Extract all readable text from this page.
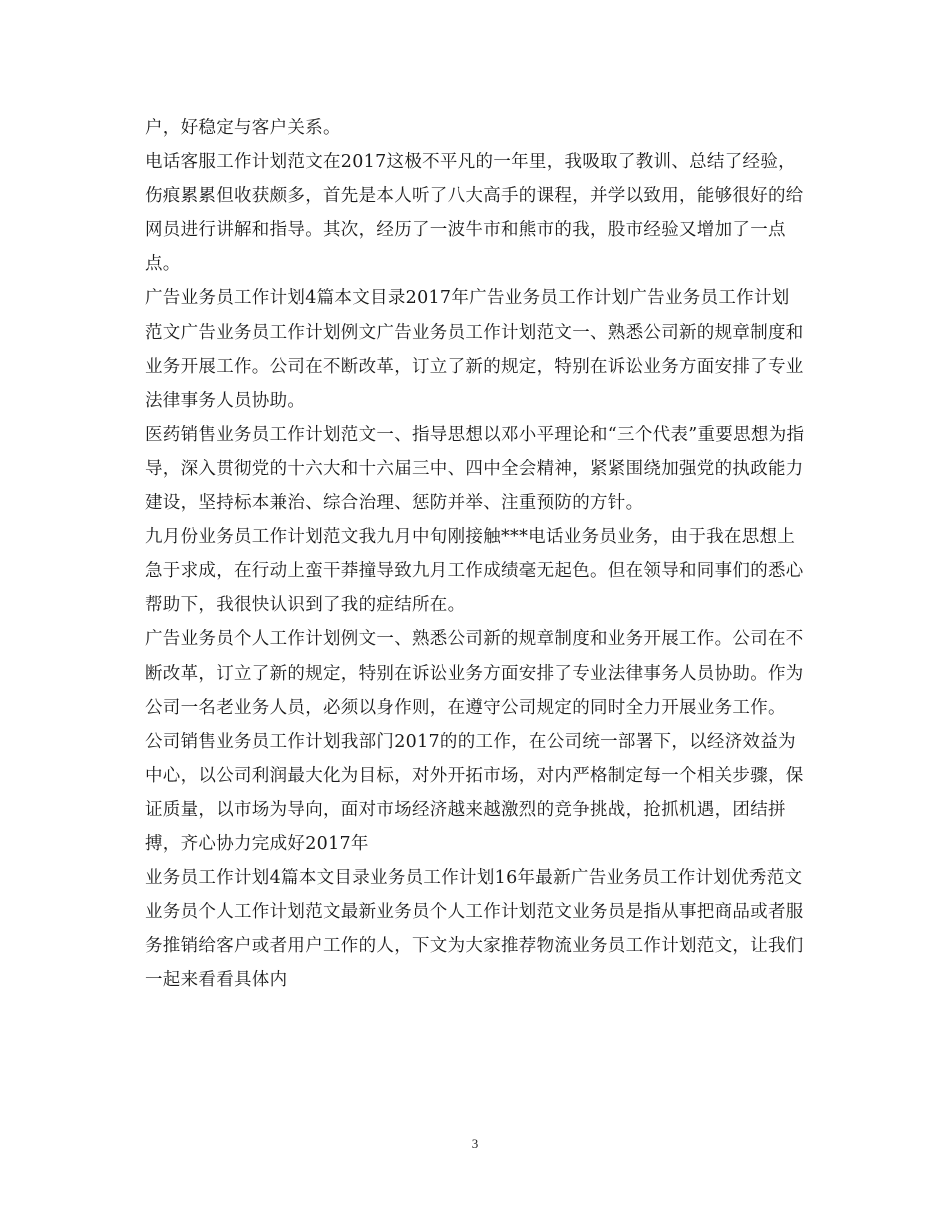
户，好稳定与客户关系。

电话客服工作计划范文在2017这极不平凡的一年里，我吸取了教训、总结了经验，伤痕累累但收获颇多，首先是本人听了八大高手的课程，并学以致用，能够很好的给网员进行讲解和指导。其次，经历了一波牛市和熊市的我，股市经验又增加了一点点。

广告业务员工作计划4篇本文目录2017年广告业务员工作计划广告业务员工作计划范文广告业务员工作计划例文广告业务员工作计划范文一、熟悉公司新的规章制度和业务开展工作。公司在不断改革，订立了新的规定，特别在诉讼业务方面安排了专业法律事务人员协助。

医药销售业务员工作计划范文一、指导思想以邓小平理论和“三个代表”重要思想为指导，深入贯彻党的十六大和十六届三中、四中全会精神，紧紧围绕加强党的执政能力建设，坚持标本兼治、综合治理、惩防并举、注重预防的方针。

九月份业务员工作计划范文我九月中旬刚接触***电话业务员业务，由于我在思想上急于求成，在行动上蛮干莽撞导致九月工作成绩毫无起色。但在领导和同事们的悉心帮助下，我很快认识到了我的症结所在。

广告业务员个人工作计划例文一、熟悉公司新的规章制度和业务开展工作。公司在不断改革，订立了新的规定，特别在诉讼业务方面安排了专业法律事务人员协助。作为公司一名老业务人员，必须以身作则，在遵守公司规定的同时全力开展业务工作。

公司销售业务员工作计划我部门2017的的工作，在公司统一部署下，以经济效益为中心，以公司利润最大化为目标，对外开拓市场，对内严格制定每一个相关步骤，保证质量，以市场为导向，面对市场经济越来越激烈的竞争挑战，抢抓机遇，团结拼搏，齐心协力完成好2017年

业务员工作计划4篇本文目录业务员工作计划16年最新广告业务员工作计划优秀范文业务员个人工作计划范文最新业务员个人工作计划范文业务员是指从事把商品或者服务推销给客户或者用户工作的人，下文为大家推荐物流业务员工作计划范文，让我们一起来看看具体内

3
